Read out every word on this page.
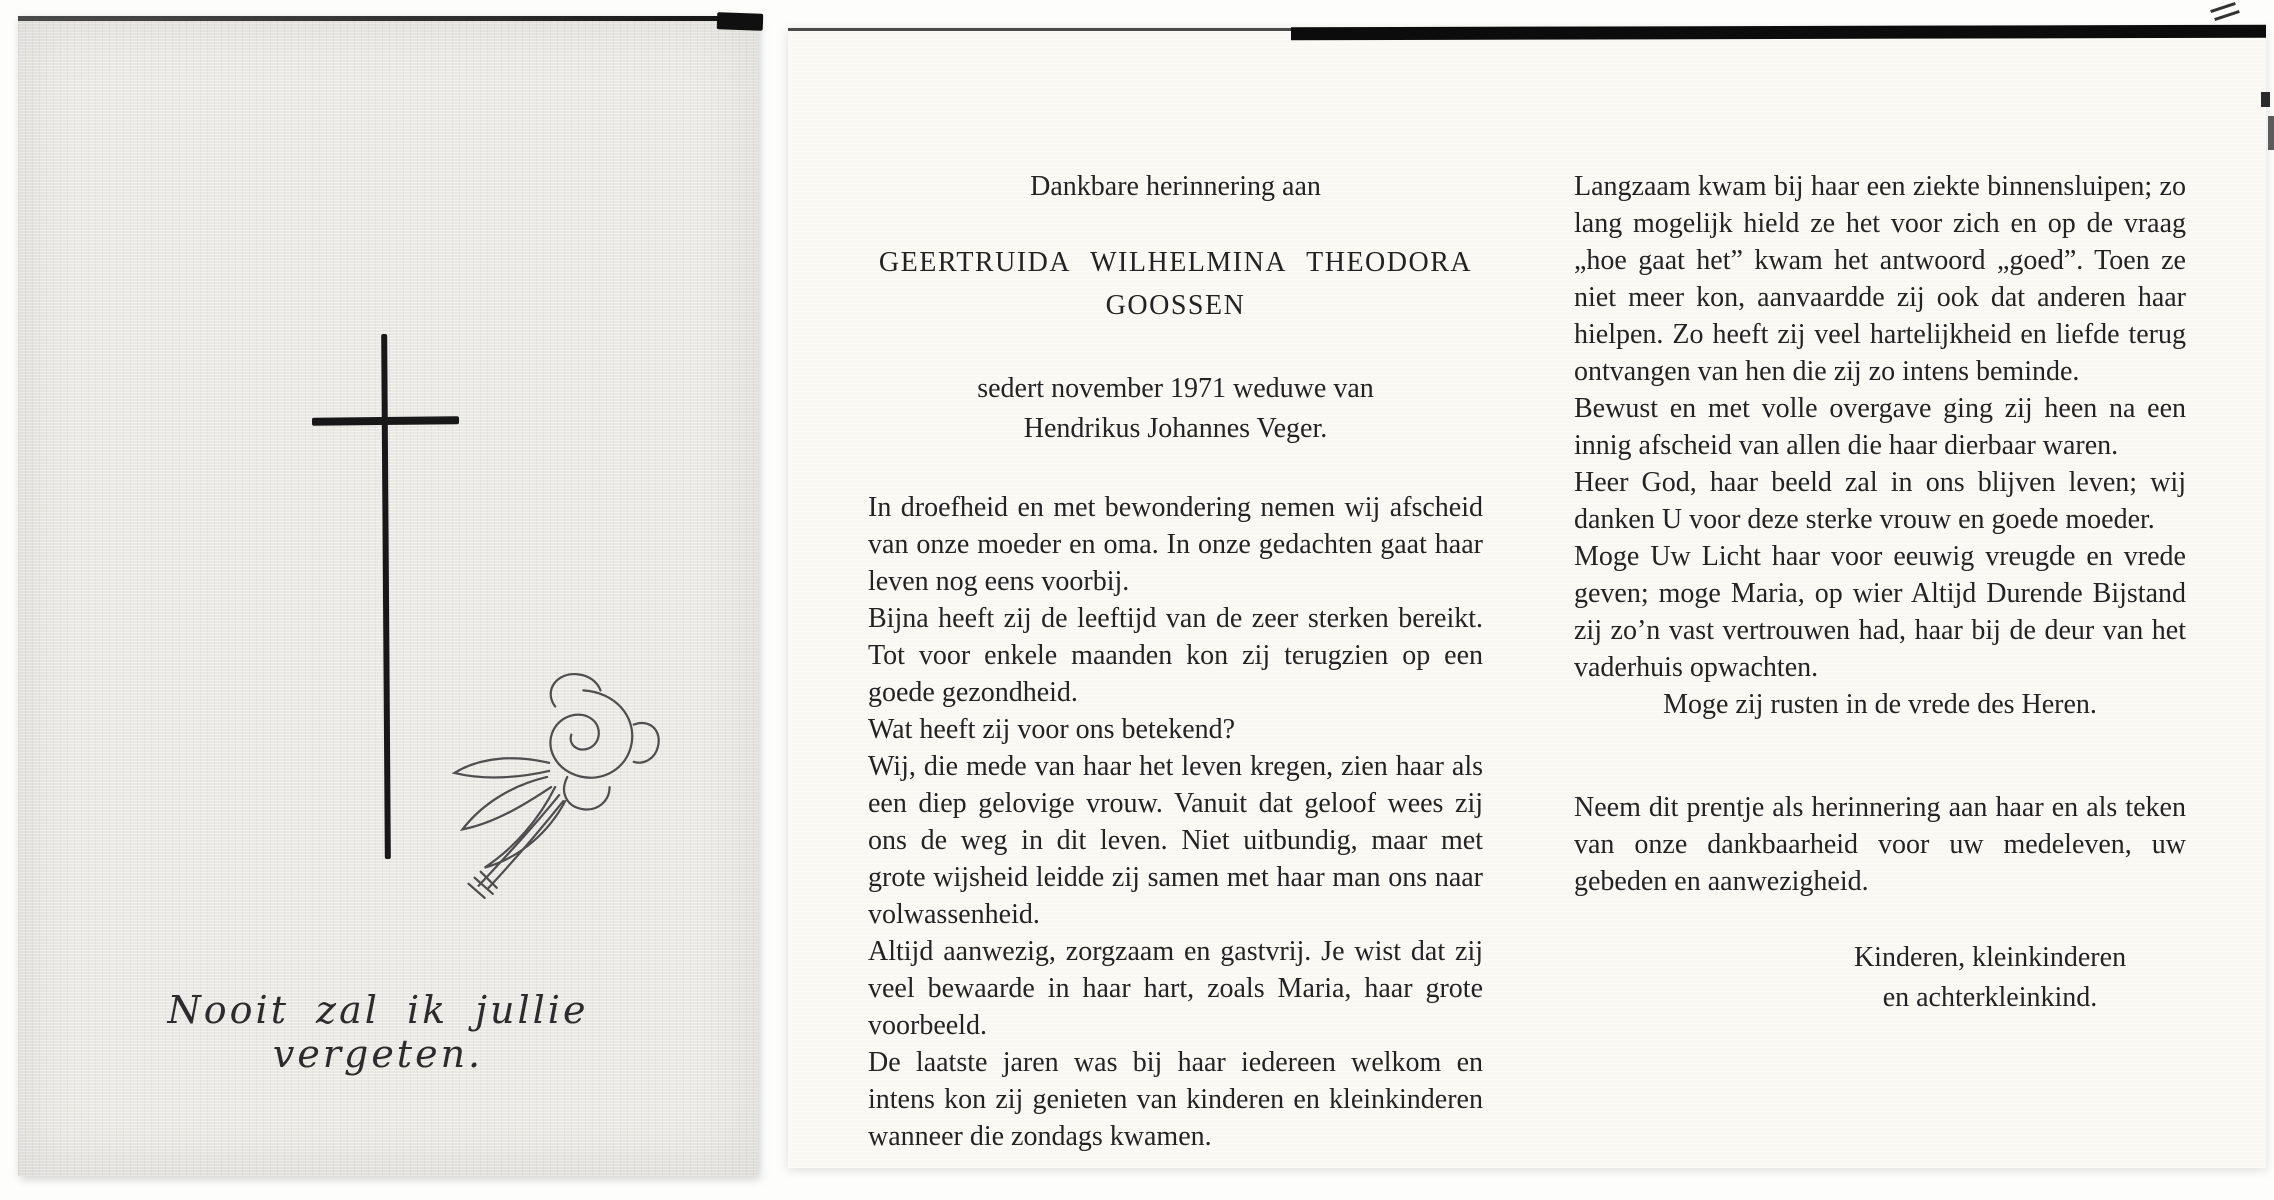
Nooit zal ik jullie vergeten.
Dankbare herinnering aan
GEERTRUIDA WILHELMINA THEODORA GOOSSEN
sedert november 1971 weduwe van
Hendrikus Johannes Veger.

In droefheid en met bewondering nemen wij afscheid van onze moeder en oma. In onze gedachten gaat haar leven nog eens voorbij.

Bijna heeft zij de leeftijd van de zeer sterken bereikt. Tot voor enkele maanden kon zij terugzien op een goede gezondheid.

Wat heeft zij voor ons betekend?

Wij, die mede van haar het leven kregen, zien haar als een diep gelovige vrouw. Vanuit dat geloof wees zij ons de weg in dit leven. Niet uitbundig, maar met grote wijsheid leidde zij samen met haar man ons naar volwassenheid.

Altijd aanwezig, zorgzaam en gastvrij. Je wist dat zij veel bewaarde in haar hart, zoals Maria, haar grote voorbeeld.

De laatste jaren was bij haar iedereen welkom en intens kon zij genieten van kinderen en kleinkinderen wanneer die zondags kwamen.

Langzaam kwam bij haar een ziekte binnensluipen; zo lang mogelijk hield ze het voor zich en op de vraag „hoe gaat het” kwam het antwoord „goed”. Toen ze niet meer kon, aanvaardde zij ook dat anderen haar hielpen. Zo heeft zij veel hartelijkheid en liefde terug ontvangen van hen die zij zo intens beminde.

Bewust en met volle overgave ging zij heen na een innig afscheid van allen die haar dierbaar waren.

Heer God, haar beeld zal in ons blijven leven; wij danken U voor deze sterke vrouw en goede moeder.

Moge Uw Licht haar voor eeuwig vreugde en vrede geven; moge Maria, op wier Altijd Durende Bijstand zij zo’n vast vertrouwen had, haar bij de deur van het vaderhuis opwachten.

Moge zij rusten in de vrede des Heren.

Neem dit prentje als herinnering aan haar en als teken van onze dankbaarheid voor uw medeleven, uw gebeden en aanwezigheid.

Kinderen, kleinkinderen
en achterkleinkind.
